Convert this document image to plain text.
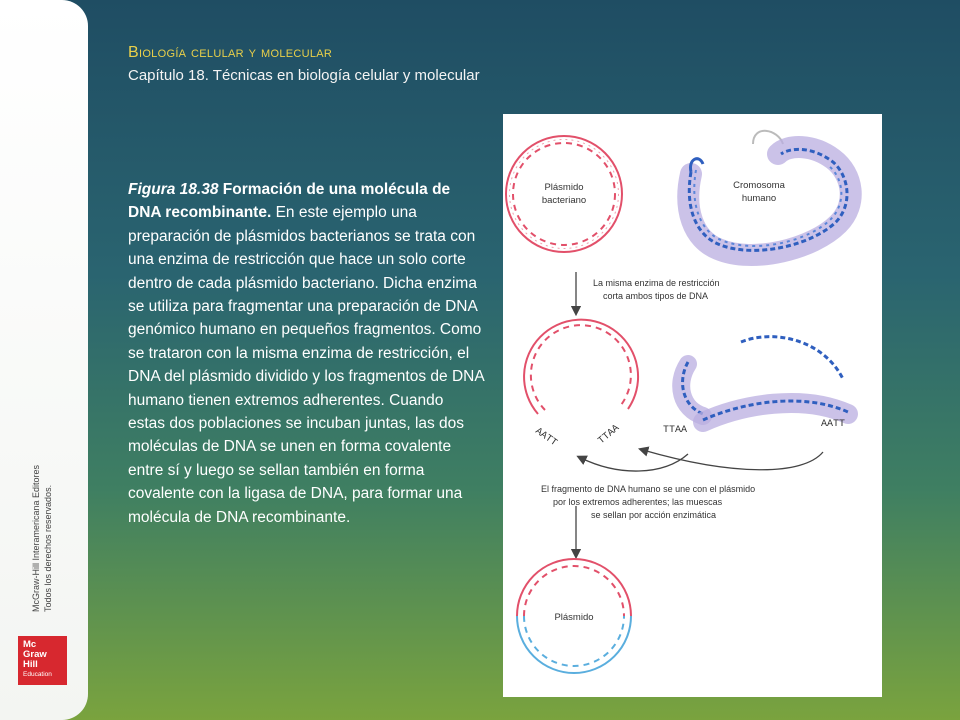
McGraw-Hill Interamericana Editores Todos los derechos reservados.
Mc
Graw
Hill
Education
Biología celular y molecular
Capítulo 18. Técnicas en biología celular y molecular
Figura 18.38 Formación de una molécula de DNA recombinante. En este ejemplo una preparación de plásmidos bacterianos se trata con una enzima de restricción que hace un solo corte dentro de cada plásmido bacteriano. Dicha enzima se utiliza para fragmentar una preparación de DNA genómico humano en pequeños fragmentos. Como se trataron con la misma enzima de restricción, el DNA del plásmido dividido y los fragmentos de DNA humano tienen extremos adherentes. Cuando estas dos poblaciones se incuban juntas, las dos moléculas de DNA se unen en forma covalente entre sí y luego se sellan también en forma covalente con la ligasa de DNA, para formar una molécula de DNA recombinante.
Plásmido
bacteriano
Cromosoma
humano
La misma enzima de restricción
corta ambos tipos de DNA
AATT	TTAA	TTAA
AATT
El fragmento de DNA humano se une con el plásmido
por los extremos adherentes; las muescas
se sellan por acción enzimática
Plásmido
